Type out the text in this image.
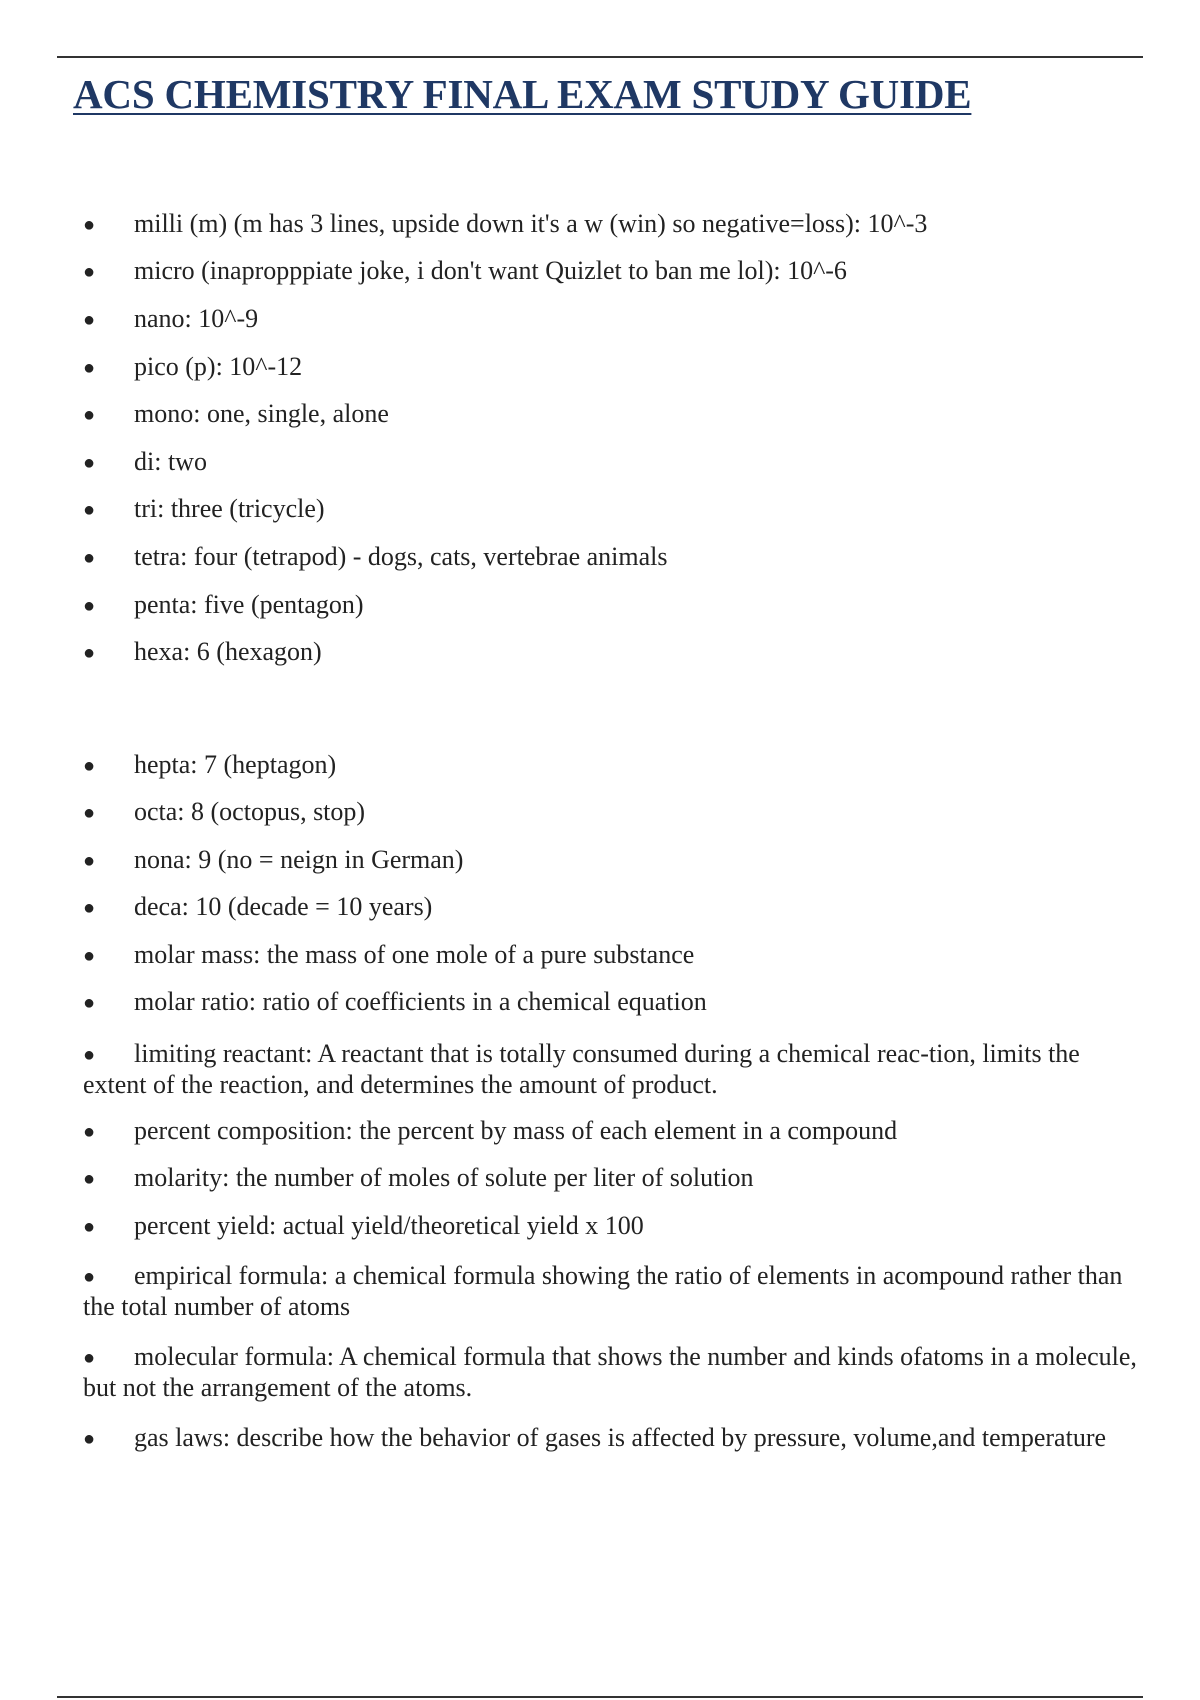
ACS CHEMISTRY FINAL EXAM STUDY GUIDE

● milli (m) (m has 3 lines, upside down it's a w (win) so negative=loss): 10^-3

● micro (inapropppiate joke, i don't want Quizlet to ban me lol): 10^-6

● nano: 10^-9

● pico (p): 10^-12

● mono: one, single, alone

● di: two

● tri: three (tricycle)

● tetra: four (tetrapod) - dogs, cats, vertebrae animals

● penta: five (pentagon)

● hexa: 6 (hexagon)

● hepta: 7 (heptagon)

● octa: 8 (octopus, stop)

● nona: 9 (no = neign in German)

● deca: 10 (decade = 10 years)

● molar mass: the mass of one mole of a pure substance

● molar ratio: ratio of coefficients in a chemical equation

● limiting reactant: A reactant that is totally consumed during a chemical reac-tion, limits the extent of the reaction, and determines the amount of product.

● percent composition: the percent by mass of each element in a compound

● molarity: the number of moles of solute per liter of solution

● percent yield: actual yield/theoretical yield x 100

● empirical formula: a chemical formula showing the ratio of elements in acompound rather than the total number of atoms

● molecular formula: A chemical formula that shows the number and kinds ofatoms in a molecule, but not the arrangement of the atoms.

● gas laws: describe how the behavior of gases is affected by pressure, volume,and temperature
